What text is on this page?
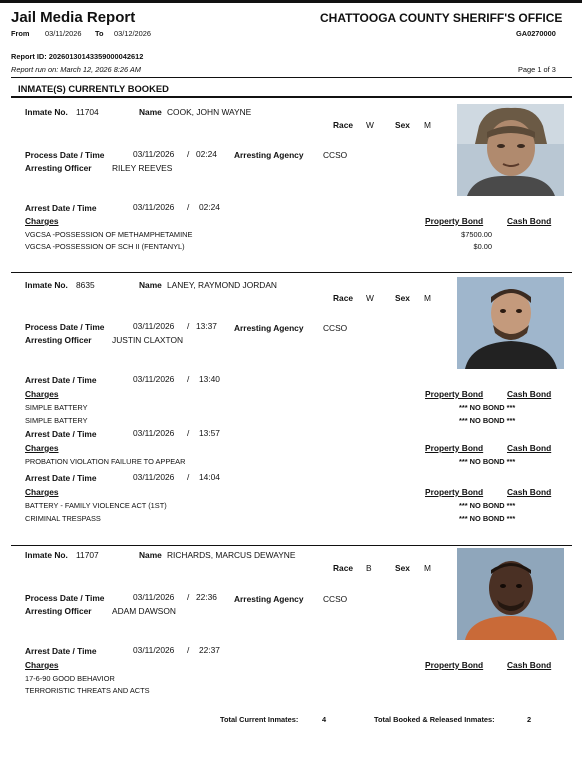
Jail Media Report	CHATTOOGA COUNTY SHERIFF'S OFFICE
GA0270000
From 03/11/2026 To 03/12/2026
Report ID: 20260130143359000042612
Report run on: March 12, 2026 8:26 AM	Page 1 of 3
INMATE(S) CURRENTLY BOOKED
Inmate No. 11704	Name COOK, JOHN WAYNE
Race W	Sex M
Process Date / Time	03/11/2026 / 02:24 Arresting Agency CCSO
Arresting Officer RILEY REEVES
Arrest Date / Time	03/11/2026 / 02:24
Charges	Property Bond	Cash Bond
VGCSA -POSSESSION OF METHAMPHETAMINE	$7500.00
VGCSA -POSSESSION OF SCH II (FENTANYL)	$0.00
Inmate No. 8635	Name LANEY, RAYMOND JORDAN
Race W	Sex M
Process Date / Time	03/11/2026 / 13:37 Arresting Agency CCSO
Arresting Officer JUSTIN CLAXTON
Arrest Date / Time	03/11/2026 / 13:40
Charges	Property Bond	Cash Bond
SIMPLE BATTERY	*** NO BOND ***
SIMPLE BATTERY	*** NO BOND ***
Arrest Date / Time	03/11/2026 / 13:57
Charges	Property Bond	Cash Bond
PROBATION VIOLATION FAILURE TO APPEAR	*** NO BOND ***
Arrest Date / Time	03/11/2026 / 14:04
Charges	Property Bond	Cash Bond
BATTERY - FAMILY VIOLENCE ACT (1ST)	*** NO BOND ***
CRIMINAL TRESPASS	*** NO BOND ***
Inmate No. 11707	Name RICHARDS, MARCUS DEWAYNE
Race B	Sex M
Process Date / Time	03/11/2026 / 22:36 Arresting Agency CCSO
Arresting Officer ADAM DAWSON
Arrest Date / Time	03/11/2026 / 22:37
Charges	Property Bond	Cash Bond
17-6-90 GOOD BEHAVIOR
TERRORISTIC THREATS AND ACTS
Total Current Inmates:	4	Total Booked & Released Inmates:	2
